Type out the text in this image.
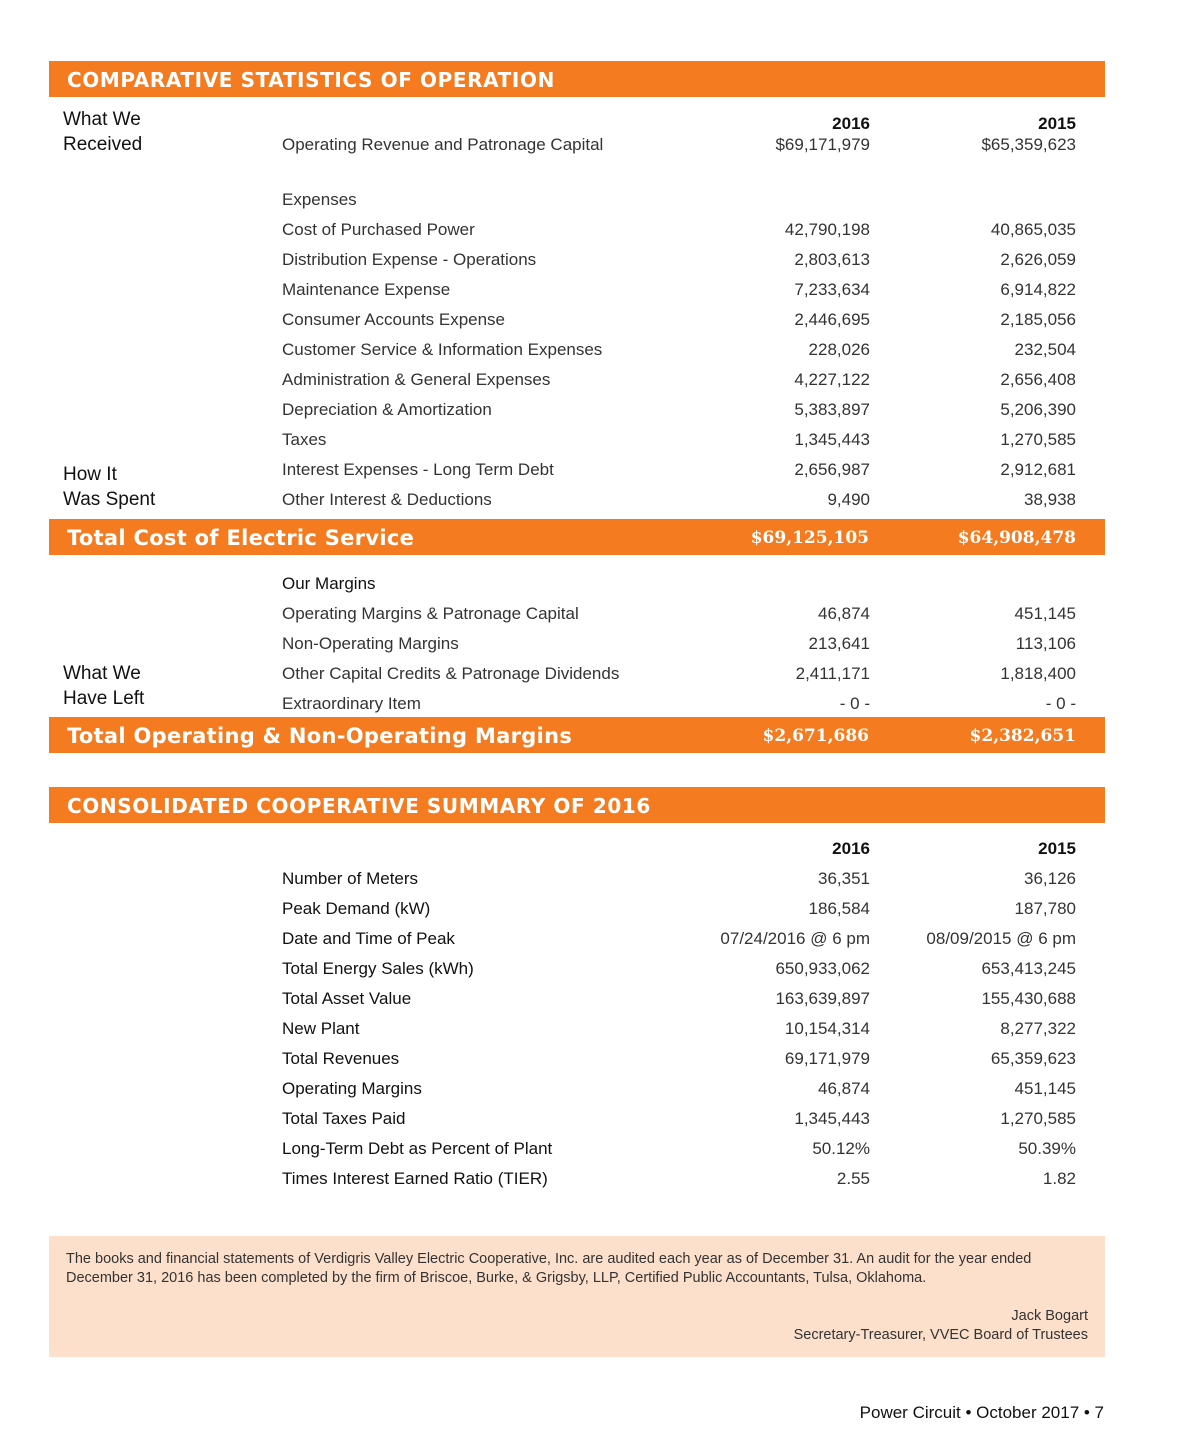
COMPARATIVE STATISTICS OF OPERATION
What We
Received
How It
Was Spent
What We
Have Left
2016	2015
Operating Revenue and Patronage Capital	$69,171,979	$65,359,623
Expenses
Cost of Purchased Power	42,790,198	40,865,035
Distribution Expense - Operations	2,803,613	2,626,059
Maintenance Expense	7,233,634	6,914,822
Consumer Accounts Expense	2,446,695	2,185,056
Customer Service & Information Expenses	228,026	232,504
Administration & General Expenses	4,227,122	2,656,408
Depreciation & Amortization	5,383,897	5,206,390
Taxes	1,345,443	1,270,585
Interest Expenses - Long Term Debt	2,656,987	2,912,681
Other Interest & Deductions	9,490	38,938
Total Cost of Electric Service	$69,125,105	$64,908,478
Our Margins
Operating Margins & Patronage Capital	46,874	451,145
Non-Operating Margins	213,641	113,106
Other Capital Credits & Patronage Dividends	2,411,171	1,818,400
Extraordinary Item	- 0 -	- 0 -
Total Operating & Non-Operating Margins	$2,671,686	$2,382,651
CONSOLIDATED COOPERATIVE SUMMARY OF 2016
2016	2015
Number of Meters	36,351	36,126
Peak Demand (kW)	186,584	187,780
Date and Time of Peak	07/24/2016 @ 6 pm	08/09/2015 @ 6 pm
Total Energy Sales (kWh)	650,933,062	653,413,245
Total Asset Value	163,639,897	155,430,688
New Plant	10,154,314	8,277,322
Total Revenues	69,171,979	65,359,623
Operating Margins	46,874	451,145
Total Taxes Paid	1,345,443	1,270,585
Long-Term Debt as Percent of Plant	50.12%	50.39%
Times Interest Earned Ratio (TIER)	2.55	1.82

The books and financial statements of Verdigris Valley Electric Cooperative, Inc. are audited each year as of December 31. An audit for the year ended December 31, 2016 has been completed by the firm of Briscoe, Burke, & Grigsby, LLP, Certified Public Accountants, Tulsa, Oklahoma.

Jack Bogart
Secretary-Treasurer, VVEC Board of Trustees
Power Circuit • October 2017 • 7
